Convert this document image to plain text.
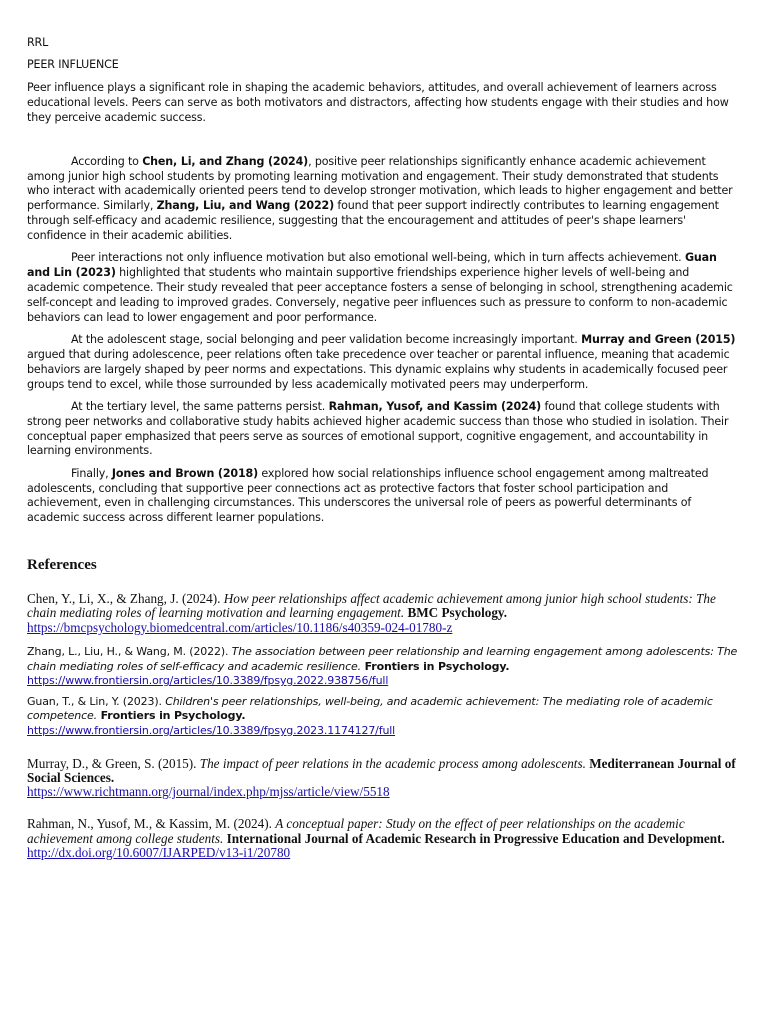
RRL

PEER INFLUENCE

Peer influence plays a significant role in shaping the academic behaviors, attitudes, and overall achievement of learners across educational levels. Peers can serve as both motivators and distractors, affecting how students engage with their studies and how they perceive academic success.

According to Chen, Li, and Zhang (2024), positive peer relationships significantly enhance academic achievement among junior high school students by promoting learning motivation and engagement. Their study demonstrated that students who interact with academically oriented peers tend to develop stronger motivation, which leads to higher engagement and better performance. Similarly, Zhang, Liu, and Wang (2022) found that peer support indirectly contributes to learning engagement through self-efficacy and academic resilience, suggesting that the encouragement and attitudes of peer's shape learners' confidence in their academic abilities.

Peer interactions not only influence motivation but also emotional well-being, which in turn affects achievement. Guan and Lin (2023) highlighted that students who maintain supportive friendships experience higher levels of well-being and academic competence. Their study revealed that peer acceptance fosters a sense of belonging in school, strengthening academic self-concept and leading to improved grades. Conversely, negative peer influences such as pressure to conform to non-academic behaviors can lead to lower engagement and poor performance.

At the adolescent stage, social belonging and peer validation become increasingly important. Murray and Green (2015) argued that during adolescence, peer relations often take precedence over teacher or parental influence, meaning that academic behaviors are largely shaped by peer norms and expectations. This dynamic explains why students in academically focused peer groups tend to excel, while those surrounded by less academically motivated peers may underperform.

At the tertiary level, the same patterns persist. Rahman, Yusof, and Kassim (2024) found that college students with strong peer networks and collaborative study habits achieved higher academic success than those who studied in isolation. Their conceptual paper emphasized that peers serve as sources of emotional support, cognitive engagement, and accountability in learning environments.

Finally, Jones and Brown (2018) explored how social relationships influence school engagement among maltreated adolescents, concluding that supportive peer connections act as protective factors that foster school participation and achievement, even in challenging circumstances. This underscores the universal role of peers as powerful determinants of academic success across different learner populations.

References
Chen, Y., Li, X., & Zhang, J. (2024). How peer relationships affect academic achievement among junior high school students: The chain mediating roles of learning motivation and learning engagement. BMC Psychology.
https://bmcpsychology.biomedcentral.com/articles/10.1186/s40359-024-01780-z
Zhang, L., Liu, H., & Wang, M. (2022). The association between peer relationship and learning engagement among adolescents: The chain mediating roles of self-efficacy and academic resilience. Frontiers in Psychology.
https://www.frontiersin.org/articles/10.3389/fpsyg.2022.938756/full
Guan, T., & Lin, Y. (2023). Children's peer relationships, well-being, and academic achievement: The mediating role of academic competence. Frontiers in Psychology.
https://www.frontiersin.org/articles/10.3389/fpsyg.2023.1174127/full
Murray, D., & Green, S. (2015). The impact of peer relations in the academic process among adolescents. Mediterranean Journal of Social Sciences.
https://www.richtmann.org/journal/index.php/mjss/article/view/5518
Rahman, N., Yusof, M., & Kassim, M. (2024). A conceptual paper: Study on the effect of peer relationships on the academic achievement among college students. International Journal of Academic Research in Progressive Education and Development.
http://dx.doi.org/10.6007/IJARPED/v13-i1/20780
